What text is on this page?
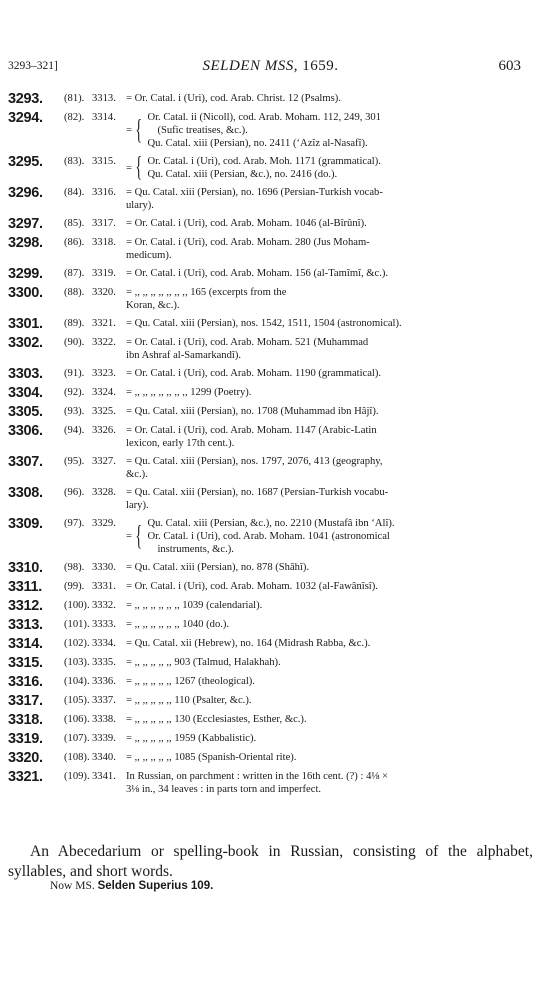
3293–321]	SELDEN MSS, 1659.	603
3293.	(81). 3313. = Or. Catal. i (Uri), cod. Arab. Christ. 12 (Psalms).
3294.	(82). 3314.
= { Or. Catal. ii (Nicoll), cod. Arab. Moham. 112, 249, 301
(Sufic treatises, &c.).
Qu. Catal. xiii (Persian), no. 2411 (‘Azîz al-Nasafî).
3295.	(83). 3315.
= { Or. Catal. i (Uri), cod. Arab. Moh. 1171 (grammatical).
Qu. Catal. xiii (Persian, &c.), no. 2416 (do.).
3296.	(84). 3316. = Qu. Catal. xiii (Persian), no. 1696 (Persian-Turkish vocab-
ulary).
3297.	(85). 3317. = Or. Catal. i (Uri), cod. Arab. Moham. 1046 (al-Bîrûnî).
3298.	(86). 3318. = Or. Catal. i (Uri), cod. Arab. Moham. 280 (Jus Moham-
medicum).
3299.	(87). 3319. = Or. Catal. i (Uri), cod. Arab. Moham. 156 (al-Tamîmî, &c.).
3300.	(88). 3320. = ,, ,, ,, ,, ,, ,, ,, 165 (excerpts from the
Koran, &c.).
3301.	(89). 3321. = Qu. Catal. xiii (Persian), nos. 1542, 1511, 1504 (astronomical).
3302.	(90). 3322. = Or. Catal. i (Uri), cod. Arab. Moham. 521 (Muhammad
ibn Ashraf al-Samarkandî).
3303.	(91). 3323. = Or. Catal. i (Uri), cod. Arab. Moham. 1190 (grammatical).
3304.	(92). 3324. = ,, ,, ,, ,, ,, ,, ,, 1299 (Poetry).
3305.	(93). 3325. = Qu. Catal. xiii (Persian), no. 1708 (Muhammad ibn Hâjî).
3306.	(94). 3326. = Or. Catal. i (Uri), cod. Arab. Moham. 1147 (Arabic-Latin
lexicon, early 17th cent.).
3307.	(95). 3327. = Qu. Catal. xiii (Persian), nos. 1797, 2076, 413 (geography,
&c.).
3308.	(96). 3328. = Qu. Catal. xiii (Persian), no. 1687 (Persian-Turkish vocabu-
lary).
3309.	(97). 3329.
= { Qu. Catal. xiii (Persian, &c.), no. 2210 (Mustafâ ibn ‘Alî).
Or. Catal. i (Uri), cod. Arab. Moham. 1041 (astronomical
instruments, &c.).
3310.	(98). 3330. = Qu. Catal. xiii (Persian), no. 878 (Shâhî).
3311.	(99). 3331. = Or. Catal. i (Uri), cod. Arab. Moham. 1032 (al-Fawânîsî).
3312.	(100). 3332. = ,, ,, ,, ,, ,, ,, 1039 (calendarial).
3313.	(101). 3333. = ,, ,, ,, ,, ,, ,, 1040 (do.).
3314.	(102). 3334. = Qu. Catal. xii (Hebrew), no. 164 (Midrash Rabba, &c.).
3315.	(103). 3335. = ,, ,, ,, ,, ,, 903 (Talmud, Halakhah).
3316.	(104). 3336. = ,, ,, ,, ,, ,, 1267 (theological).
3317.	(105). 3337. = ,, ,, ,, ,, ,, 110 (Psalter, &c.).
3318.	(106). 3338. = ,, ,, ,, ,, ,, 130 (Ecclesiastes, Esther, &c.).
3319.	(107). 3339. = ,, ,, ,, ,, ,, 1959 (Kabbalistic).
3320.	(108). 3340. = ,, ,, ,, ,, ,, 1085 (Spanish-Oriental rite).
3321.	(109). 3341. In Russian, on parchment : written in the 16th cent. (?) : 4⅛ ×
3⅛ in., 34 leaves : in parts torn and imperfect.
An Abecedarium or spelling-book in Russian, consisting of the alphabet, syllables, and short words.
Now MS. Selden Superius 109.
